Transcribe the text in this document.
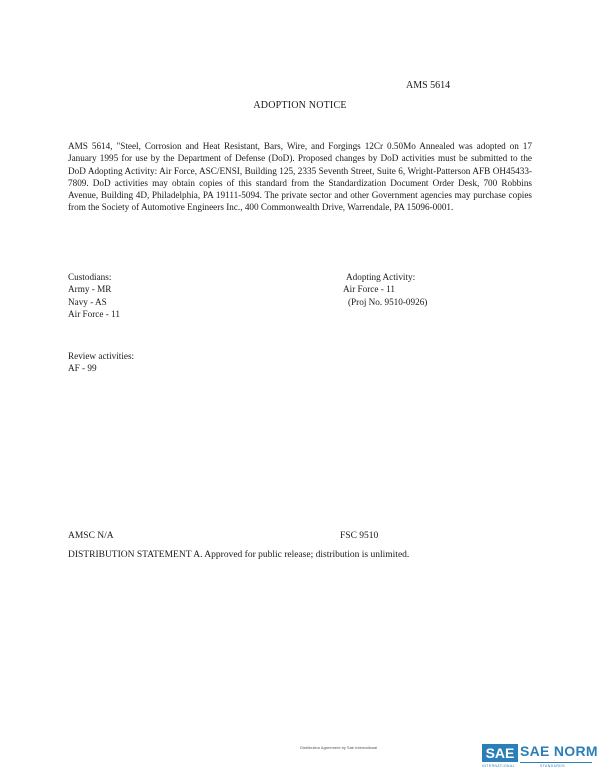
AMS 5614
ADOPTION NOTICE

AMS 5614, "Steel, Corrosion and Heat Resistant, Bars, Wire, and Forgings 12Cr 0.50Mo Annealed was adopted on 17 January 1995 for use by the Department of Defense (DoD). Proposed changes by DoD activities must be submitted to the DoD Adopting Activity: Air Force, ASC/ENSI, Building 125, 2335 Seventh Street, Suite 6, Wright-Patterson AFB OH45433-7809. DoD activities may obtain copies of this standard from the Standardization Document Order Desk, 700 Robbins Avenue, Building 4D, Philadelphia, PA 19111-5094. The private sector and other Government agencies may purchase copies from the Society of Automotive Engineers Inc., 400 Commonwealth Drive, Warrendale, PA 15096-0001.

Custodians:
Army - MR
Navy - AS
Air Force - 11
Adopting Activity:
Air Force - 11
(Proj No. 9510-0926)
Review activities:
AF - 99
AMSC N/A	FSC 9510
DISTRIBUTION STATEMENT A. Approved for public release; distribution is unlimited.
Distribution Agreement by Sae International	SAE SAE NORM
INTERNATIONAL	STANDARDS
